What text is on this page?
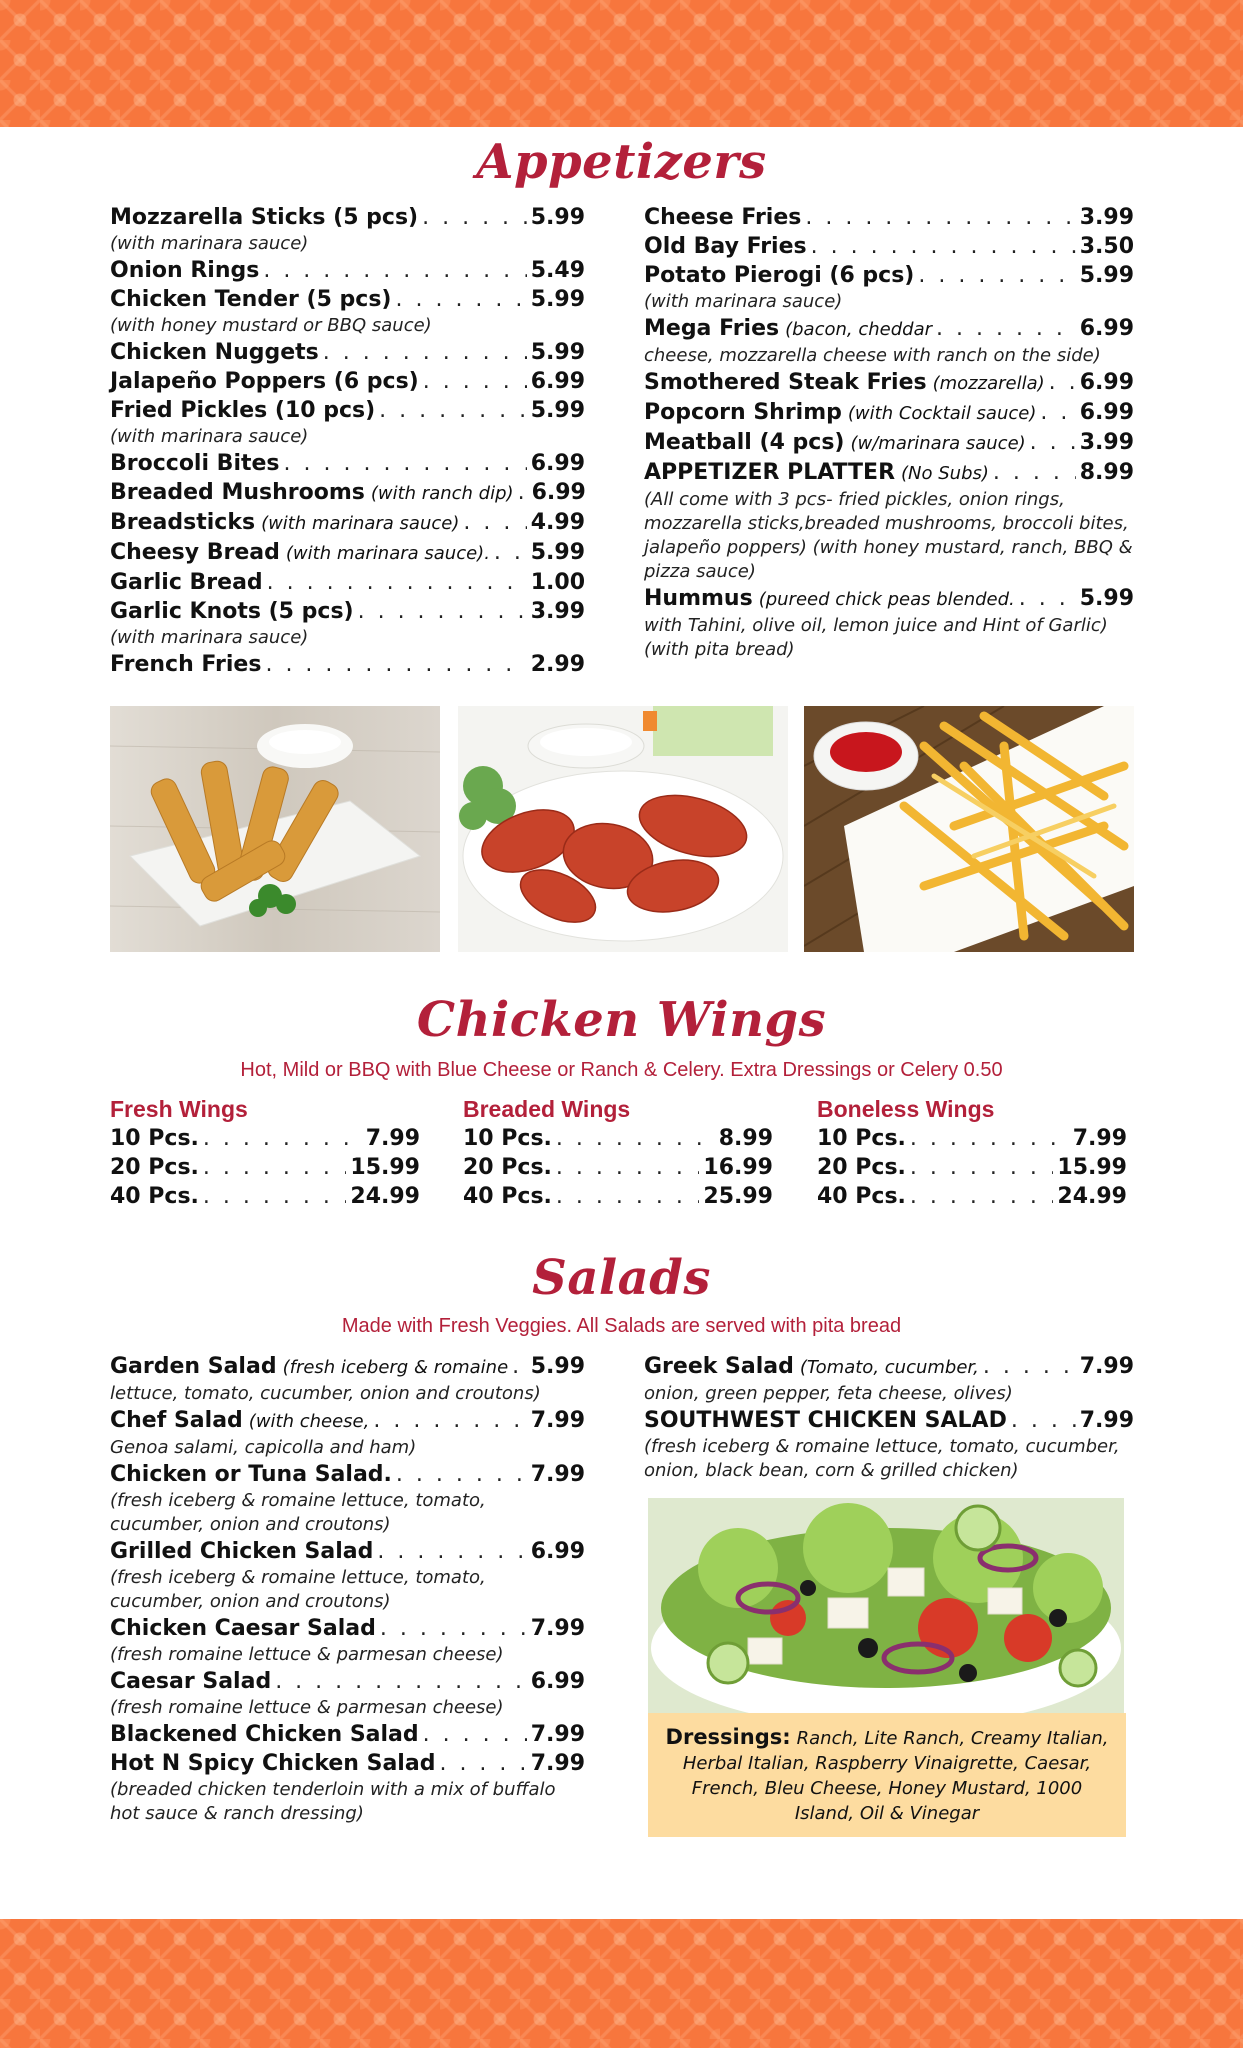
Appetizers
Mozzarella Sticks (5 pcs) . . .	5.99
(with marinara sauce)
Onion Rings . . .	5.49
Chicken Tender (5 pcs) . . .	5.99
(with honey mustard or BBQ sauce)
Chicken Nuggets . . .	5.99
Jalapeño Poppers (6 pcs) . . .	6.99
Fried Pickles (10 pcs) . . .	5.99
(with marinara sauce)
Broccoli Bites . . .	6.99
Breaded Mushrooms (with ranch dip) . . . 6.99
Breadsticks (with marinara sauce) . . .	4.99
Cheesy Bread (with marinara sauce). . . . 5.99
Garlic Bread . . .	1.00
Garlic Knots (5 pcs) . . .	3.99
(with marinara sauce)
French Fries . . .	2.99
Cheese Fries . . .	3.99
Old Bay Fries . . .	3.50
Potato Pierogi (6 pcs) . . .	5.99
(with marinara sauce)
Mega Fries (bacon, cheddar . . .	6.99
cheese, mozzarella cheese with ranch on the side)
Smothered Steak Fries (mozzarella) . . . 6.99
Popcorn Shrimp (with Cocktail sauce) . . . 6.99
Meatball (4 pcs) (w/marinara sauce) . . . 3.99
APPETIZER PLATTER (No Subs) . . .	8.99
(All come with 3 pcs- fried pickles, onion rings, mozzarella sticks,breaded mushrooms, broccoli bites, jalapeño poppers) (with honey mustard, ranch, BBQ & pizza sauce)
Hummus (pureed chick peas blended. . . .	5.99
with Tahini, olive oil, lemon juice and Hint of Garlic) (with pita bread)
Chicken Wings
Hot, Mild or BBQ with Blue Cheese or Ranch & Celery. Extra Dressings or Celery 0.50
Fresh Wings
10 Pcs. . . .	7.99
20 Pcs. . . .	15.99
40 Pcs. . . .	24.99
Breaded Wings
10 Pcs. . . .	8.99
20 Pcs. . . .	16.99
40 Pcs. . . .	25.99
Boneless Wings
10 Pcs. . . .	7.99
20 Pcs. . . .	15.99
40 Pcs. . . .	24.99
Salads
Made with Fresh Veggies. All Salads are served with pita bread
Garden Salad (fresh iceberg & romaine . . . 5.99
lettuce, tomato, cucumber, onion and croutons)
Chef Salad (with cheese, . . .	7.99
Genoa salami, capicolla and ham)
Chicken or Tuna Salad. . . .	7.99
(fresh iceberg & romaine lettuce, tomato, cucumber, onion and croutons)
Grilled Chicken Salad . . .	6.99
(fresh iceberg & romaine lettuce, tomato, cucumber, onion and croutons)
Chicken Caesar Salad . . .	7.99
(fresh romaine lettuce & parmesan cheese)
Caesar Salad . . .	6.99
(fresh romaine lettuce & parmesan cheese)
Blackened Chicken Salad . . .	7.99
Hot N Spicy Chicken Salad . . .	7.99
(breaded chicken tenderloin with a mix of buffalo hot sauce & ranch dressing)
Greek Salad (Tomato, cucumber, . . .	7.99
onion, green pepper, feta cheese, olives)
SOUTHWEST CHICKEN SALAD . . .	7.99
(fresh iceberg & romaine lettuce, tomato, cucumber, onion, black bean, corn & grilled chicken)
Dressings: Ranch, Lite Ranch, Creamy Italian, Herbal Italian, Raspberry Vinaigrette, Caesar, French, Bleu Cheese, Honey Mustard, 1000 Island, Oil & Vinegar
